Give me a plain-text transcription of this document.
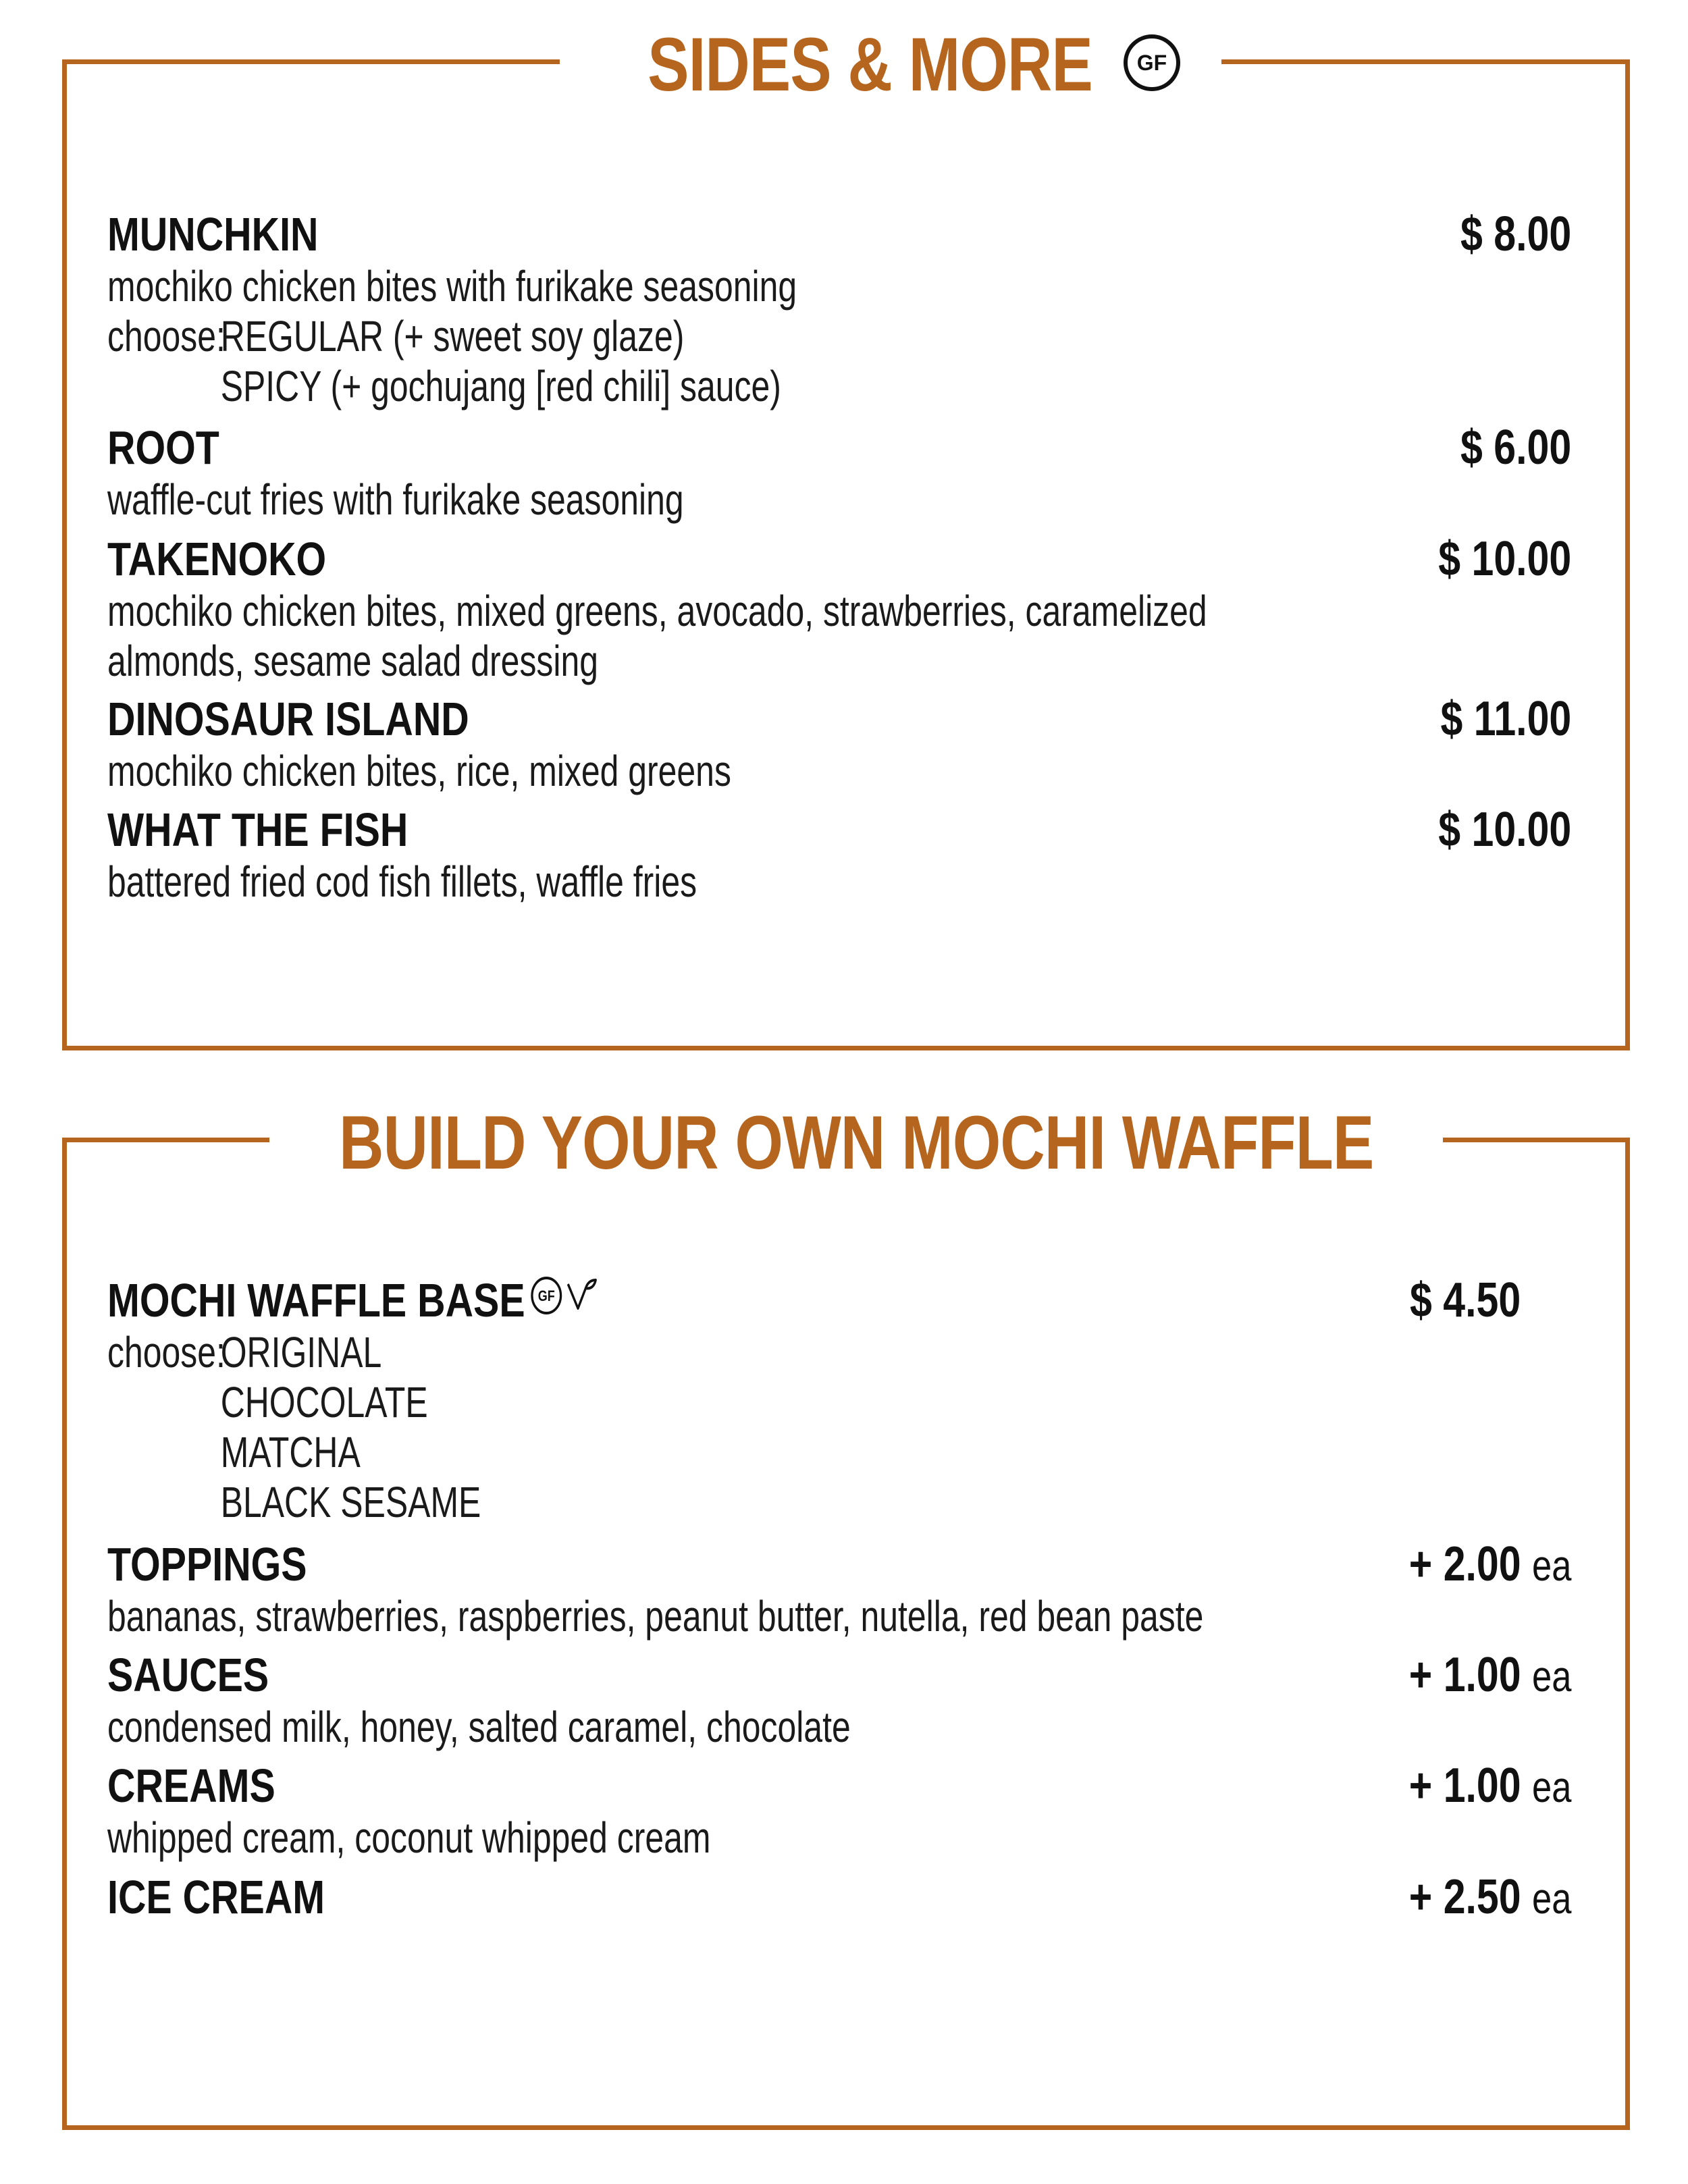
SIDES & MORE GF
MUNCHKIN	$ 8.00
mochiko chicken bites with furikake seasoning
choose:
REGULAR (+ sweet soy glaze)
SPICY (+ gochujang [red chili] sauce)
ROOT	$ 6.00
waffle-cut fries with furikake seasoning
TAKENOKO	$ 10.00
mochiko chicken bites, mixed greens, avocado, strawberries, caramelized
almonds, sesame salad dressing
DINOSAUR ISLAND	$ 11.00
mochiko chicken bites, rice, mixed greens
WHAT THE FISH	$ 10.00
battered fried cod fish fillets, waffle fries
BUILD YOUR OWN MOCHI WAFFLE
MOCHI WAFFLE BASE GF	$ 4.50
choose:
ORIGINAL
CHOCOLATE
MATCHA
BLACK SESAME
TOPPINGS	+ 2.00 ea
bananas, strawberries, raspberries, peanut butter, nutella, red bean paste
SAUCES	+ 1.00 ea
condensed milk, honey, salted caramel, chocolate
CREAMS	+ 1.00 ea
whipped cream, coconut whipped cream
ICE CREAM	+ 2.50 ea
